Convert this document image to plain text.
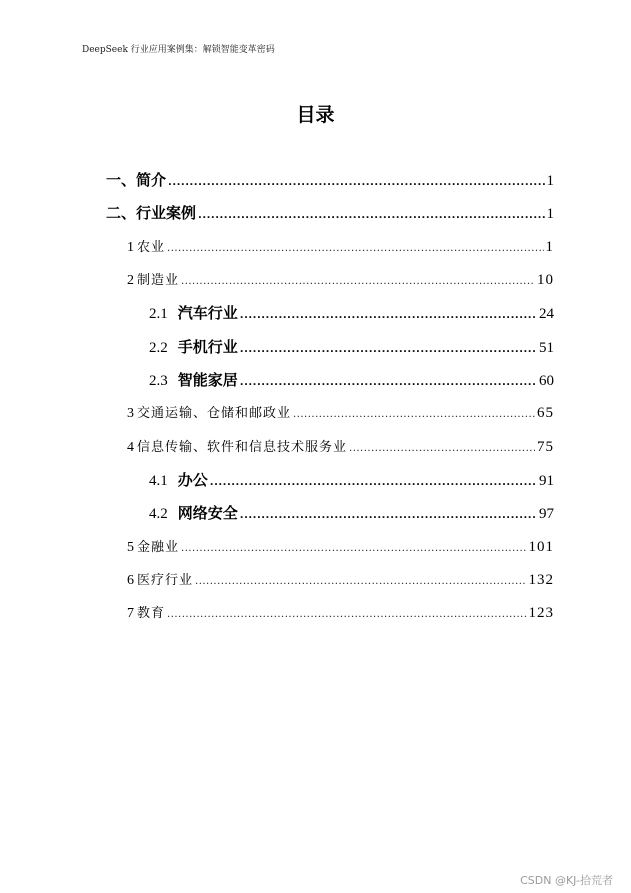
DeepSeek 行业应用案例集：解锁智能变革密码
目录
一、简介 .....	1
二、行业案例 .....	1
1 农业 .....	1
2 制造业 .....	10
2.1 汽车行业 .....	24
2.2 手机行业 .....	51
2.3 智能家居 .....	60
3 交通运输、仓储和邮政业 .....	65
4 信息传输、软件和信息技术服务业 .....	75
4.1 办公 .....	91
4.2 网络安全 .....	97
5 金融业 .....	101
6 医疗行业 .....	132
7 教育 .....	123
CSDN @KJ-拾荒者
